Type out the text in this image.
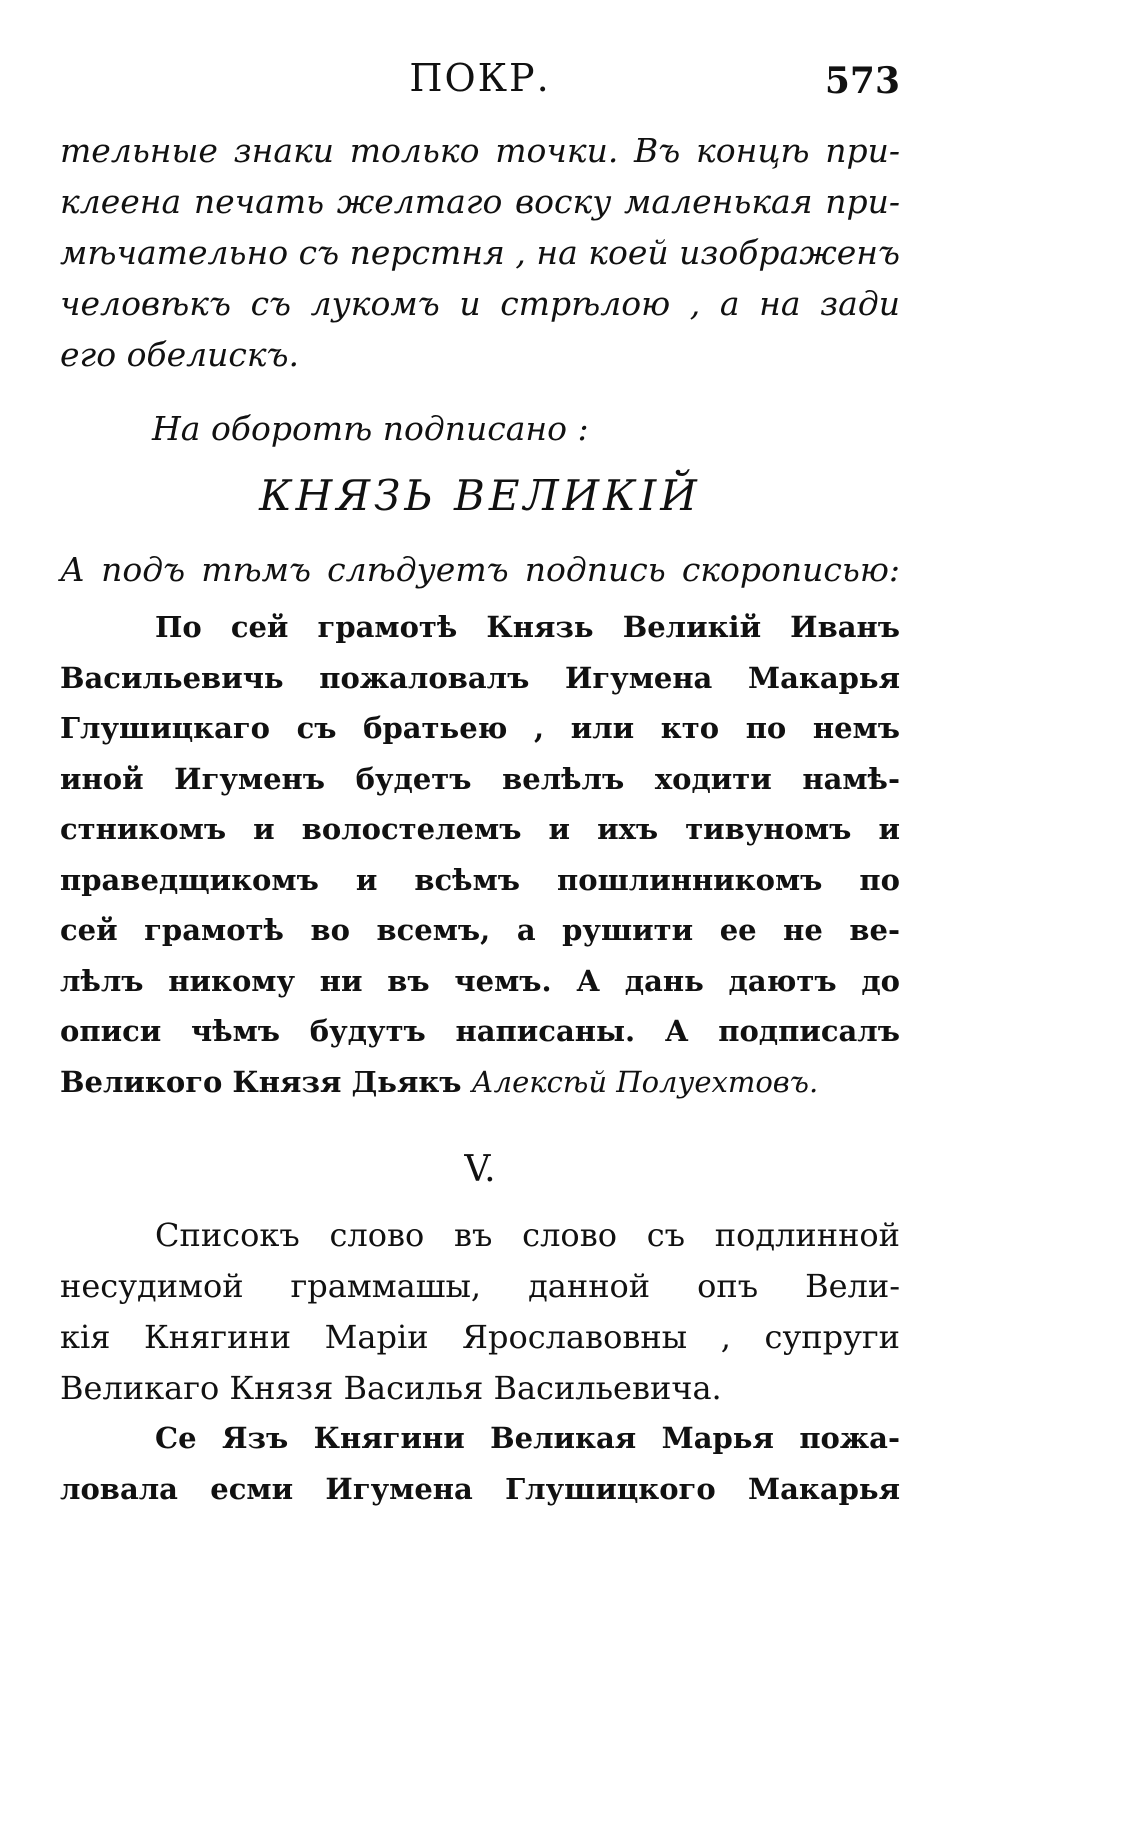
ПОКР.	573
тельные знаки только точки. Въ концѣ при-
клеена печать желтаго воску маленькая при-
мѣчательно съ перстня , на коей изображенъ
человѣкъ съ лукомъ и стрѣлою , а на зади
его обелискъ.
На оборотѣ подписано :
КНЯЗЬ ВЕЛИКІЙ
А подъ тѣмъ слѣдуетъ подпись скорописью:
По сей грамотѣ Князь Великій Иванъ
Васильевичь пожаловалъ Игумена Макарья
Глушицкаго съ братьею , или кто по немъ
иной Игуменъ будетъ велѣлъ ходити намѣ-
стникомъ и волостелемъ и ихъ тивуномъ и
праведщикомъ и всѣмъ пошлинникомъ по
сей грамотѣ во всемъ, а рушити ее не ве-
лѣлъ никому ни въ чемъ. А дань даютъ до
описи чѣмъ будутъ написаны. А подписалъ
Великого Князя Дьякъ Алексѣй Полуехтовъ.
V.
Списокъ слово въ слово съ подлинной
несудимой граммашы, данной опъ Вели-
кія Княгини Маріи Ярославовны , супруги
Великаго Князя Василья Васильевича.
Се Язъ Княгини Великая Марья пожа-
ловала есми Игумена Глушицкого Макарья
